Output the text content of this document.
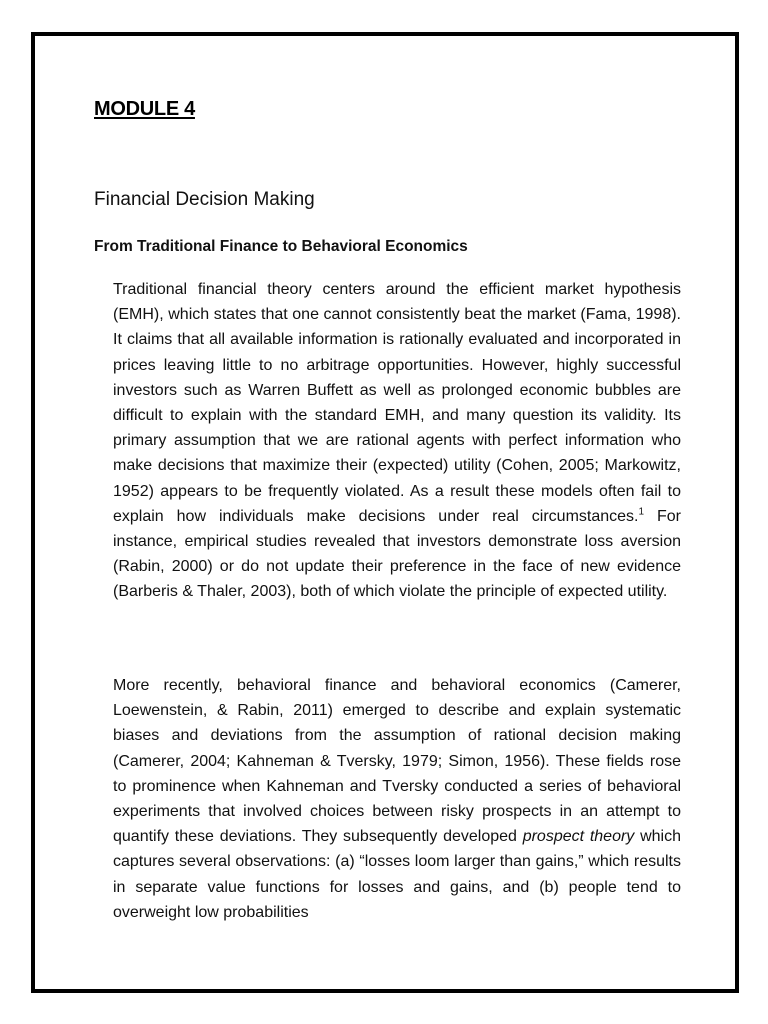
MODULE 4
Financial Decision Making
From Traditional Finance to Behavioral Economics

Traditional financial theory centers around the efficient market hypothesis (EMH), which states that one cannot consistently beat the market (Fama, 1998). It claims that all available information is rationally evaluated and incorporated in prices leaving little to no arbitrage opportunities. However, highly successful investors such as Warren Buffett as well as prolonged economic bubbles are difficult to explain with the standard EMH, and many question its validity. Its primary assumption that we are rational agents with perfect information who make decisions that maximize their (expected) utility (Cohen, 2005; Markowitz, 1952) appears to be frequently violated. As a result these models often fail to explain how individuals make decisions under real circumstances.$^1$ For instance, empirical studies revealed that investors demonstrate loss aversion (Rabin, 2000) or do not update their preference in the face of new evidence (Barberis & Thaler, 2003), both of which violate the principle of expected utility.

More recently, behavioral finance and behavioral economics (Camerer, Loewenstein, & Rabin, 2011) emerged to describe and explain systematic biases and deviations from the assumption of rational decision making (Camerer, 2004; Kahneman & Tversky, 1979; Simon, 1956). These fields rose to prominence when Kahneman and Tversky conducted a series of behavioral experiments that involved choices between risky prospects in an attempt to quantify these deviations. They subsequently developed prospect theory which captures several observations: (a) “losses loom larger than gains,” which results in separate value functions for losses and gains, and (b) people tend to overweight low probabilities
